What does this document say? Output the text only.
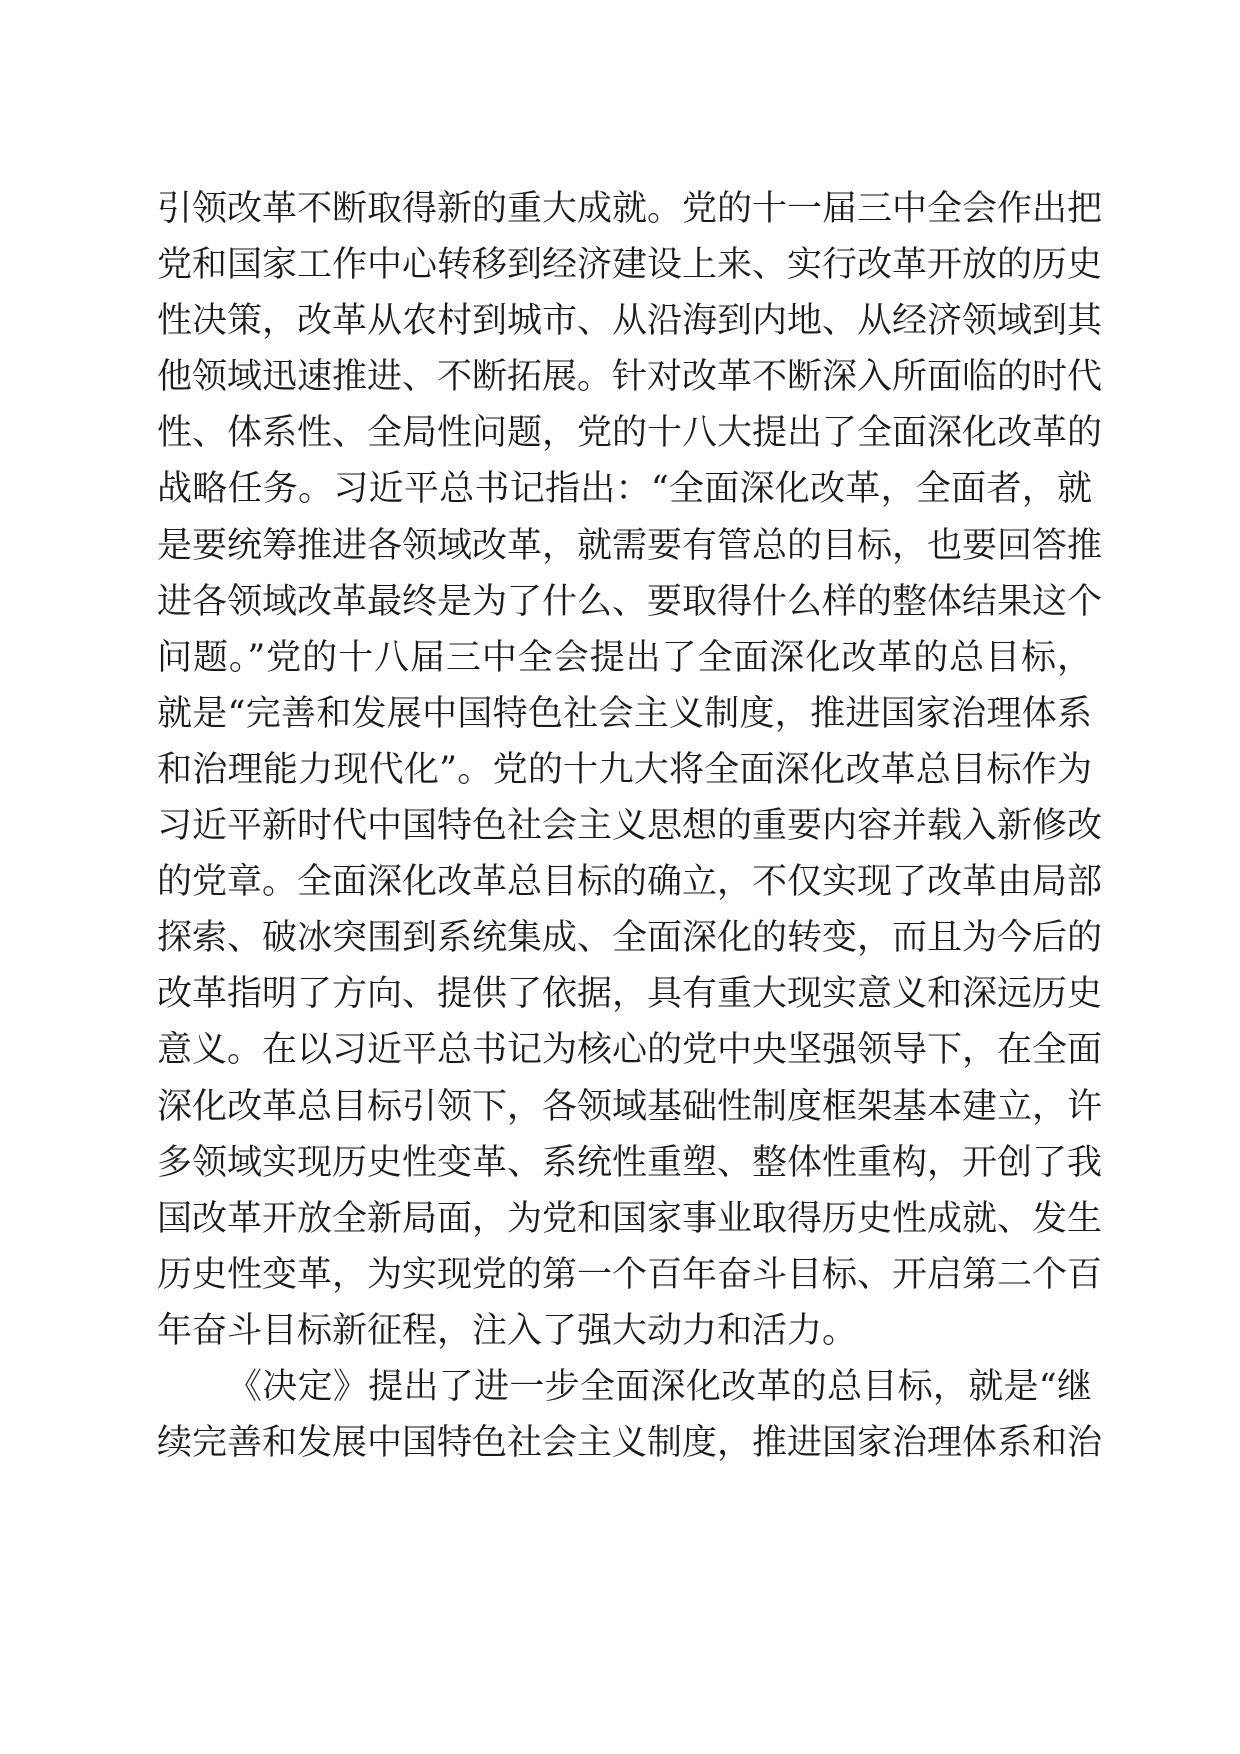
引领改革不断取得新的重大成就。党的十一届三中全会作出把
党和国家工作中心转移到经济建设上来、实行改革开放的历史
性决策，改革从农村到城市、从沿海到内地、从经济领域到其
他领域迅速推进、不断拓展。针对改革不断深入所面临的时代
性、体系性、全局性问题，党的十八大提出了全面深化改革的
战略任务。习近平总书记指出：“全面深化改革，全面者，就
是要统筹推进各领域改革，就需要有管总的目标，也要回答推
进各领域改革最终是为了什么、要取得什么样的整体结果这个
问题。”党的十八届三中全会提出了全面深化改革的总目标，
就是“完善和发展中国特色社会主义制度，推进国家治理体系
和治理能力现代化”。党的十九大将全面深化改革总目标作为
习近平新时代中国特色社会主义思想的重要内容并载入新修改
的党章。全面深化改革总目标的确立，不仅实现了改革由局部
探索、破冰突围到系统集成、全面深化的转变，而且为今后的
改革指明了方向、提供了依据，具有重大现实意义和深远历史
意义。在以习近平总书记为核心的党中央坚强领导下，在全面
深化改革总目标引领下，各领域基础性制度框架基本建立，许
多领域实现历史性变革、系统性重塑、整体性重构，开创了我
国改革开放全新局面，为党和国家事业取得历史性成就、发生
历史性变革，为实现党的第一个百年奋斗目标、开启第二个百
年奋斗目标新征程，注入了强大动力和活力。
《决定》提出了进一步全面深化改革的总目标，就是“继
续完善和发展中国特色社会主义制度，推进国家治理体系和治
